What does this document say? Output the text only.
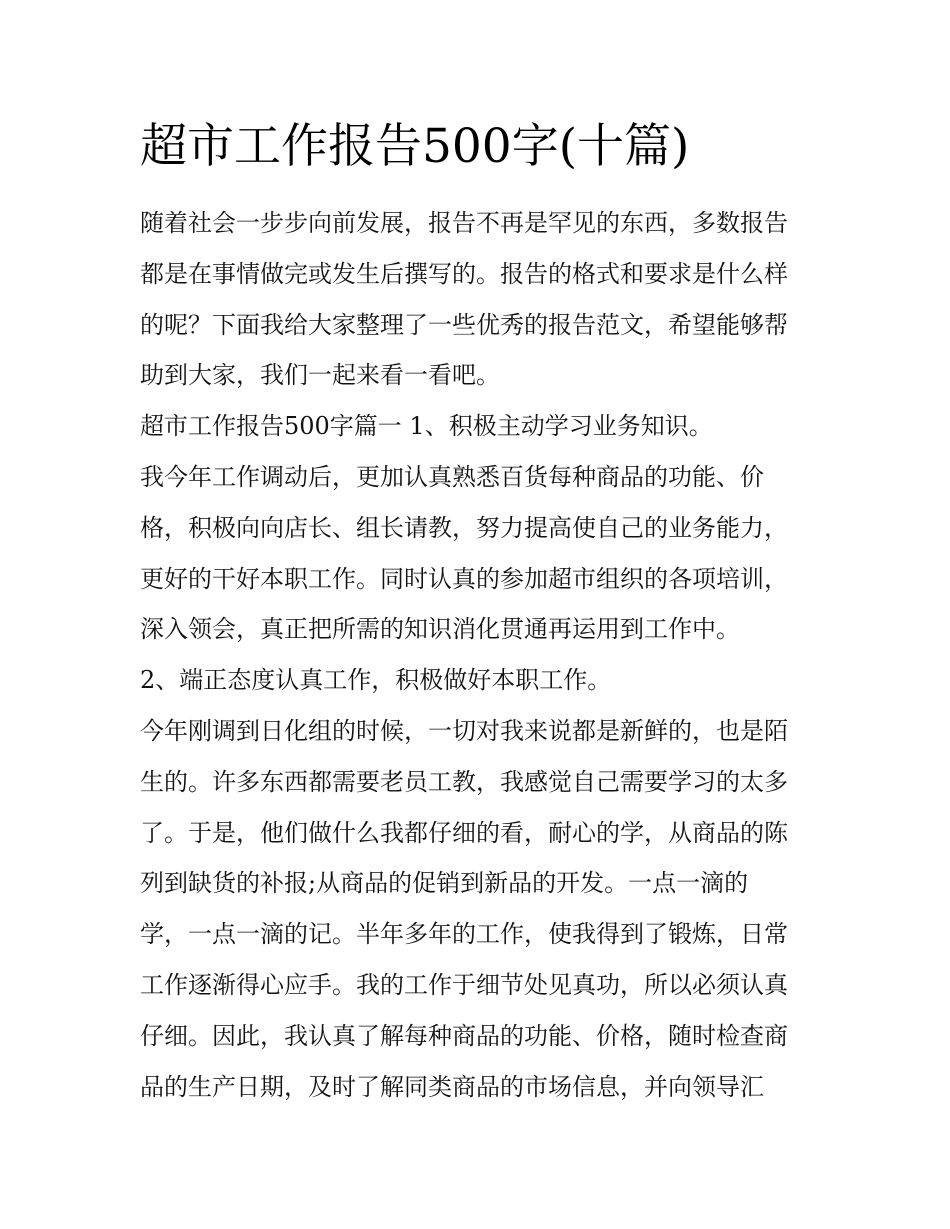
超市工作报告500字(十篇)
随着社会一步步向前发展，报告不再是罕见的东西，多数报告
都是在事情做完或发生后撰写的。报告的格式和要求是什么样
的呢？下面我给大家整理了一些优秀的报告范文，希望能够帮
助到大家，我们一起来看一看吧。
超市工作报告500字篇一 1、积极主动学习业务知识。
我今年工作调动后，更加认真熟悉百货每种商品的功能、价
格，积极向向店长、组长请教，努力提高使自己的业务能力，
更好的干好本职工作。同时认真的参加超市组织的各项培训，
深入领会，真正把所需的知识消化贯通再运用到工作中。
2、端正态度认真工作，积极做好本职工作。
今年刚调到日化组的时候，一切对我来说都是新鲜的，也是陌
生的。许多东西都需要老员工教，我感觉自己需要学习的太多
了。于是，他们做什么我都仔细的看，耐心的学，从商品的陈
列到缺货的补报;从商品的促销到新品的开发。一点一滴的
学，一点一滴的记。半年多年的工作，使我得到了锻炼，日常
工作逐渐得心应手。我的工作于细节处见真功，所以必须认真
仔细。因此，我认真了解每种商品的功能、价格，随时检查商
品的生产日期，及时了解同类商品的市场信息，并向领导汇
